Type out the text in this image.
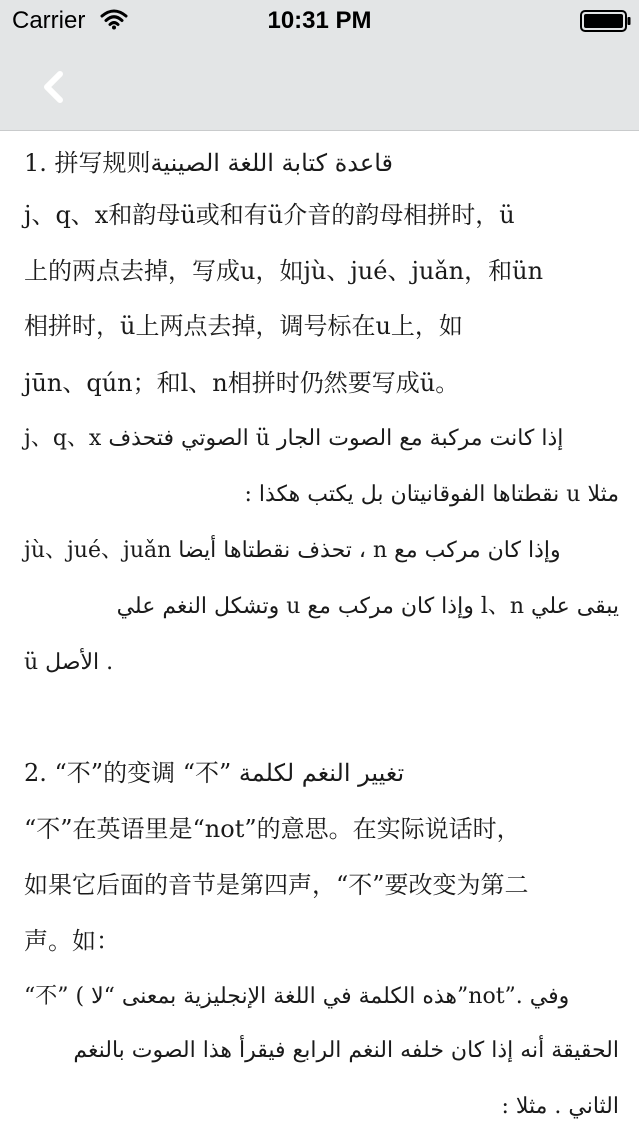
Carrier	10:31 PM
1. 拼写规则قاعدة كتابة اللغة الصينية
j、q、x和韵母ü或和有ü介音的韵母相拼时，ü
上的两点去掉，写成u，如jù、jué、juǎn，和ün
相拼时，ü上两点去掉，调号标在u上，如
jūn、qún；和l、n相拼时仍然要写成ü。
j、q、x الصوتي فتحذف ü إذا كانت مركبة مع الصوت الجار
مثلا u نقطتاها الفوقانيتان بل يكتب هكذا :
jù、jué、juǎn تحذف نقطتاها أيضا ، n وإذا كان مركب مع
يبقى علي l、n وإذا كان مركب مع u وتشكل النغم علي
ü الأصل .
2. “不”的变调 “不” تغيير النغم لكلمة
“不”在英语里是“not”的意思。在实际说话时，
如果它后面的音节是第四声，“不”要改变为第二
声。如：
“不” ( هذه الكلمة في اللغة الإنجليزية بمعنى “لا”not”. وفي
الحقيقة أنه إذا كان خلفه النغم الرابع فيقرأ هذا الصوت بالنغم
الثاني . مثلا :
